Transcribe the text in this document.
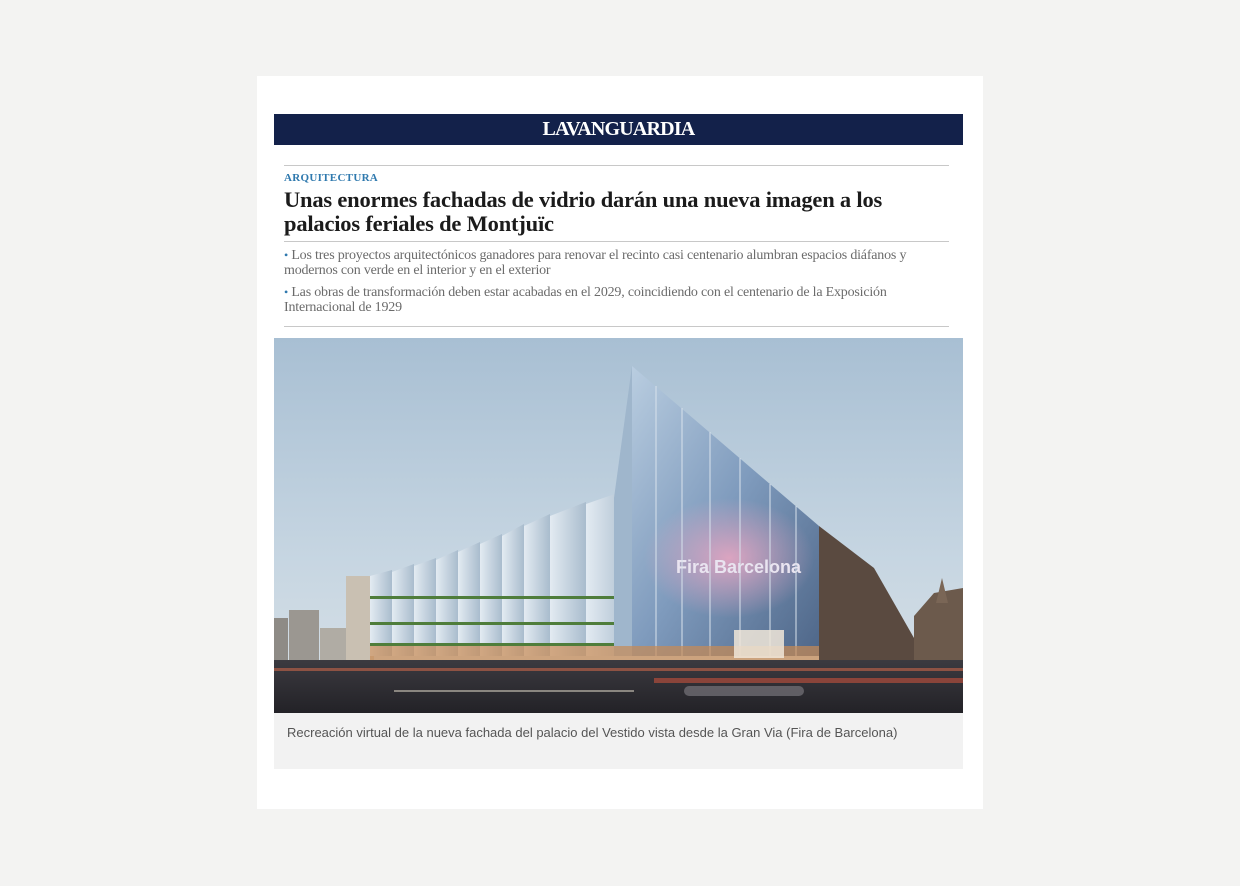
LAVANGUARDIA
ARQUITECTURA
Unas enormes fachadas de vidrio darán una nueva imagen a los palacios feriales de Montjuïc
• Los tres proyectos arquitectónicos ganadores para renovar el recinto casi centenario alumbran espacios diáfanos y modernos con verde en el interior y en el exterior
• Las obras de transformación deben estar acabadas en el 2029, coincidiendo con el centenario de la Exposición Internacional de 1929
Fira Barcelona
Recreación virtual de la nueva fachada del palacio del Vestido vista desde la Gran Via (Fira de Barcelona)
